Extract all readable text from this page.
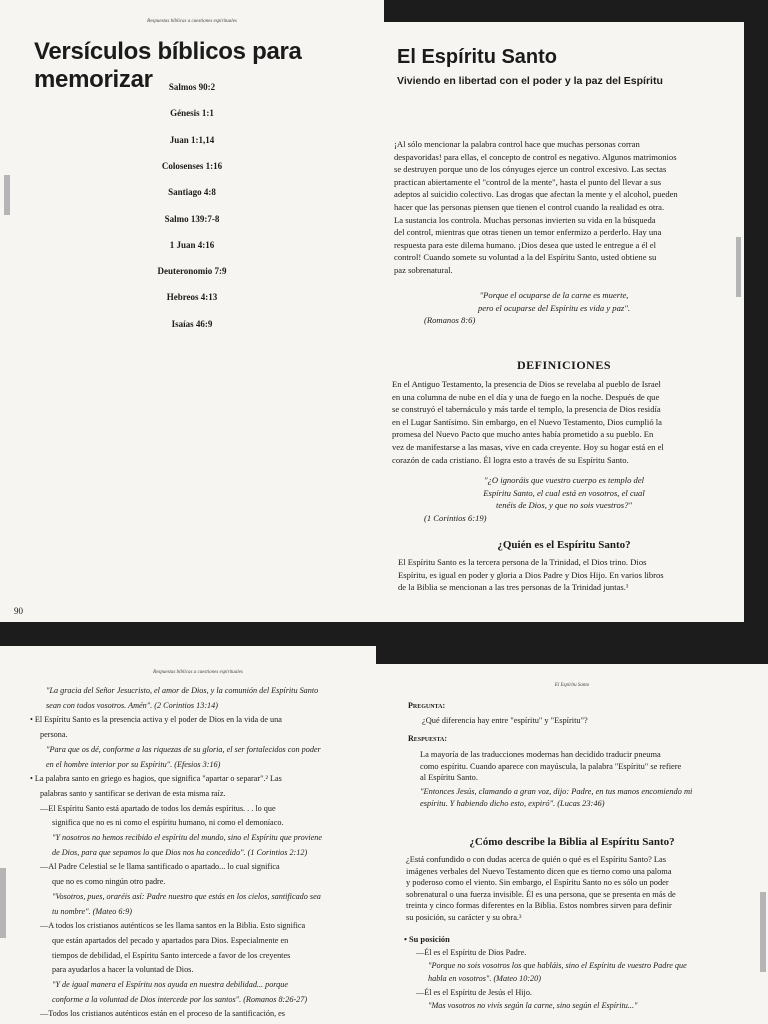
Respuestas bíblicas a cuestiones espirituales
Versículos bíblicos para memorizar	Salmos 90:2
Génesis 1:1
Juan 1:1,14
Colosenses 1:16
Santiago 4:8
Salmo 139:7-8
1 Juan 4:16
Deuteronomio 7:9
Hebreos 4:13
Isaías 46:9
90
El Espíritu Santo
Viviendo en libertad con el poder y la paz del Espíritu
¡Al sólo mencionar la palabra control hace que muchas personas corran
despavoridas! para ellas, el concepto de control es negativo. Algunos matrimonios
se destruyen porque uno de los cónyuges ejerce un control excesivo. Las sectas
practican abiertamente el "control de la mente", hasta el punto del llevar a sus
adeptos al suicidio colectivo. Las drogas que afectan la mente y el alcohol, pueden
hacer que las personas piensen que tienen el control cuando la realidad es otra.
La sustancia los controla. Muchas personas invierten su vida en la búsqueda
del control, mientras que otras tienen un temor enfermizo a perderlo. Hay una
respuesta para este dilema humano. ¡Dios desea que usted le entregue a él el
control! Cuando somete su voluntad a la del Espíritu Santo, usted obtiene su
paz sobrenatural.
"Porque el ocuparse de la carne es muerte,
pero el ocuparse del Espíritu es vida y paz".
(Romanos 8:6)
DEFINICIONES
En el Antiguo Testamento, la presencia de Dios se revelaba al pueblo de Israel
en una columna de nube en el día y una de fuego en la noche. Después de que
se construyó el tabernáculo y más tarde el templo, la presencia de Dios residía
en el Lugar Santísimo. Sin embargo, en el Nuevo Testamento, Dios cumplió la
promesa del Nuevo Pacto que mucho antes había prometido a su pueblo. En
vez de manifestarse a las masas, vive en cada creyente. Hoy su hogar está en el
corazón de cada cristiano. Él logra esto a través de su Espíritu Santo.
"¿O ignoráis que vuestro cuerpo es templo del
Espíritu Santo, el cual está en vosotros, el cual
tenéis de Dios, y que no sois vuestros?"
(1 Corintios 6:19)
¿Quién es el Espíritu Santo?
El Espíritu Santo es la tercera persona de la Trinidad, el Dios trino. Dios
Espíritu, es igual en poder y gloria a Dios Padre y Dios Hijo. En varios libros
de la Biblia se mencionan a las tres personas de la Trinidad juntas.¹
Respuestas bíblicas a cuestiones espirituales
"La gracia del Señor Jesucristo, el amor de Dios, y la comunión del Espíritu Santo
sean con todos vosotros. Amén". (2 Corintios 13:14)
• El Espíritu Santo es la presencia activa y el poder de Dios en la vida de una
persona.
"Para que os dé, conforme a las riquezas de su gloria, el ser fortalecidos con poder
en el hombre interior por su Espíritu". (Efesios 3:16)
• La palabra santo en griego es hagios, que significa "apartar o separar".² Las
palabras santo y santificar se derivan de esta misma raíz.
—El Espíritu Santo está apartado de todos los demás espíritus. . . lo que
significa que no es ni como el espíritu humano, ni como el demoníaco.
"Y nosotros no hemos recibido el espíritu del mundo, sino el Espíritu que proviene
de Dios, para que sepamos lo que Dios nos ha concedido". (1 Corintios 2:12)
—Al Padre Celestial se le llama santificado o apartado... lo cual significa
que no es como ningún otro padre.
"Vosotros, pues, oraréis así: Padre nuestro que estás en los cielos, santificado sea
tu nombre". (Mateo 6:9)
—A todos los cristianos auténticos se les llama santos en la Biblia. Esto significa
que están apartados del pecado y apartados para Dios. Especialmente en
tiempos de debilidad, el Espíritu Santo intercede a favor de los creyentes
para ayudarlos a hacer la voluntad de Dios.
"Y de igual manera el Espíritu nos ayuda en nuestra debilidad... porque
conforme a la voluntad de Dios intercede por los santos". (Romanos 8:26-27)
—Todos los cristianos auténticos están en el proceso de la santificación, es
El Espíritu Santo
Pregunta:
¿Qué diferencia hay entre "espíritu" y "Espíritu"?
Respuesta:
La mayoría de las traducciones modernas han decidido traducir pneuma
como espíritu. Cuando aparece con mayúscula, la palabra "Espíritu" se refiere
al Espíritu Santo.
"Entonces Jesús, clamando a gran voz, dijo: Padre, en tus manos encomiendo mi
espíritu. Y habiendo dicho esto, expiró". (Lucas 23:46)
¿Cómo describe la Biblia al Espíritu Santo?
¿Está confundido o con dudas acerca de quién o qué es el Espíritu Santo? Las
imágenes verbales del Nuevo Testamento dicen que es tierno como una paloma
y poderoso como el viento. Sin embargo, el Espíritu Santo no es sólo un poder
sobrenatural o una fuerza invisible. Él es una persona, que se presenta en más de
treinta y cinco formas diferentes en la Biblia. Estos nombres sirven para definir
su posición, su carácter y su obra.³
• Su posición
—Él es el Espíritu de Dios Padre.
"Porque no sois vosotros los que habláis, sino el Espíritu de vuestro Padre que
habla en vosotros". (Mateo 10:20)
—Él es el Espíritu de Jesús el Hijo.
"Mas vosotros no vivís según la carne, sino según el Espíritu..."
